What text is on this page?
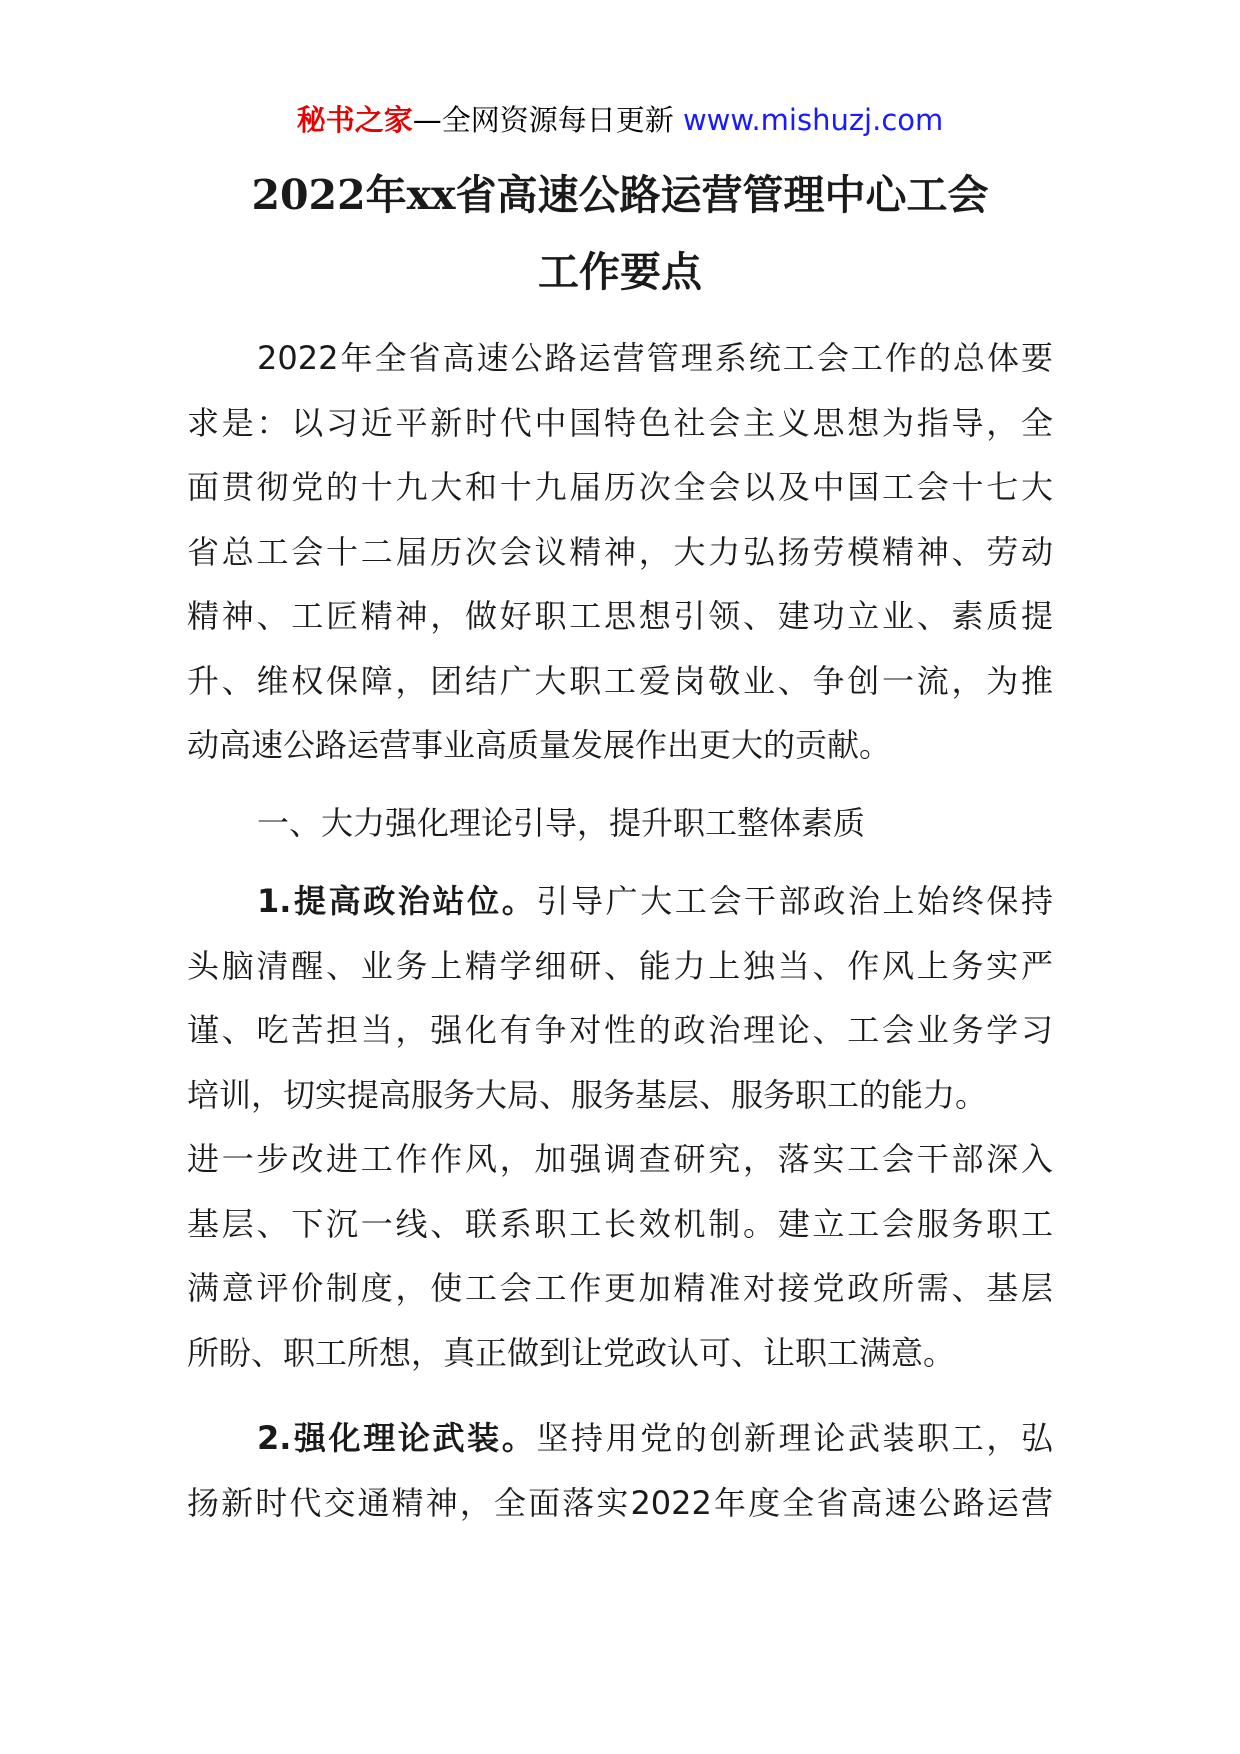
秘书之家—全网资源每日更新 www.mishuzj.com
2022年xx省高速公路运营管理中心工会
工作要点
2022年全省高速公路运营管理系统工会工作的总体要
求是：以习近平新时代中国特色社会主义思想为指导，全
面贯彻党的十九大和十九届历次全会以及中国工会十七大
省总工会十二届历次会议精神，大力弘扬劳模精神、劳动
精神、工匠精神，做好职工思想引领、建功立业、素质提
升、维权保障，团结广大职工爱岗敬业、争创一流，为推
动高速公路运营事业高质量发展作出更大的贡献。
一、大力强化理论引导，提升职工整体素质
1.提高政治站位。引导广大工会干部政治上始终保持
头脑清醒、业务上精学细研、能力上独当、作风上务实严
谨、吃苦担当，强化有争对性的政治理论、工会业务学习
培训，切实提高服务大局、服务基层、服务职工的能力。
进一步改进工作作风，加强调查研究，落实工会干部深入
基层、下沉一线、联系职工长效机制。建立工会服务职工
满意评价制度，使工会工作更加精准对接党政所需、基层
所盼、职工所想，真正做到让党政认可、让职工满意。
2.强化理论武装。坚持用党的创新理论武装职工，弘
扬新时代交通精神，全面落实2022年度全省高速公路运营
